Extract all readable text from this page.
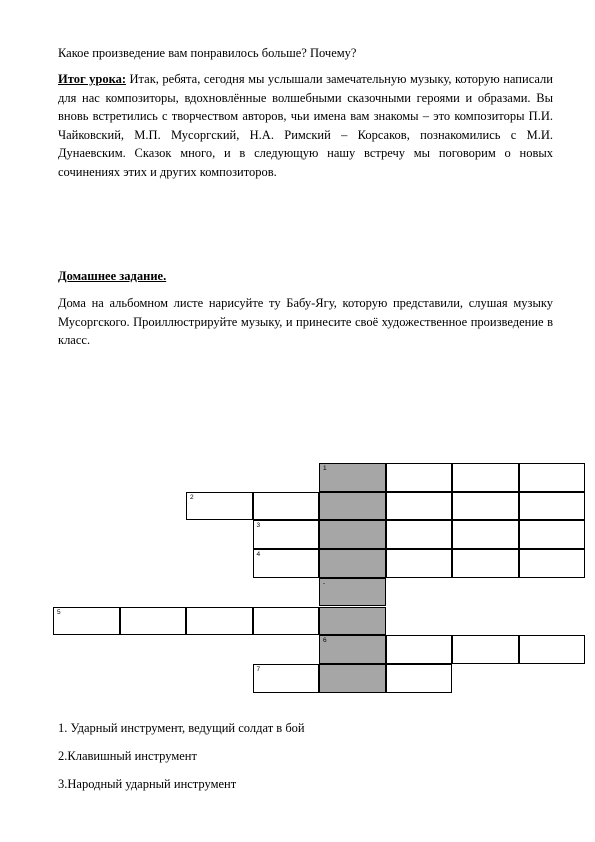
Какое произведение вам понравилось больше? Почему?

Итог урока: Итак, ребята, сегодня мы услышали замечательную музыку, которую написали для нас композиторы, вдохновлённые волшебными сказочными героями и образами. Вы вновь встретились с творчеством авторов, чьи имена вам знакомы – это композиторы П.И. Чайковский, М.П. Мусоргский, Н.А. Римский – Корсаков, познакомились с М.И. Дунаевским. Сказок много, и в следующую нашу встречу мы поговорим о новых сочинениях этих и других композиторов.

Домашнее задание.

Дома на альбомном листе нарисуйте ту Бабу-Ягу, которую представили, слушая музыку Мусоргского. Проиллюстрируйте музыку, и принесите своё художественное произведение в класс.

1
2
3
4
-
5
6
7
1. Ударный инструмент, ведущий солдат в бой
2.Клавишный инструмент
3.Народный ударный инструмент
